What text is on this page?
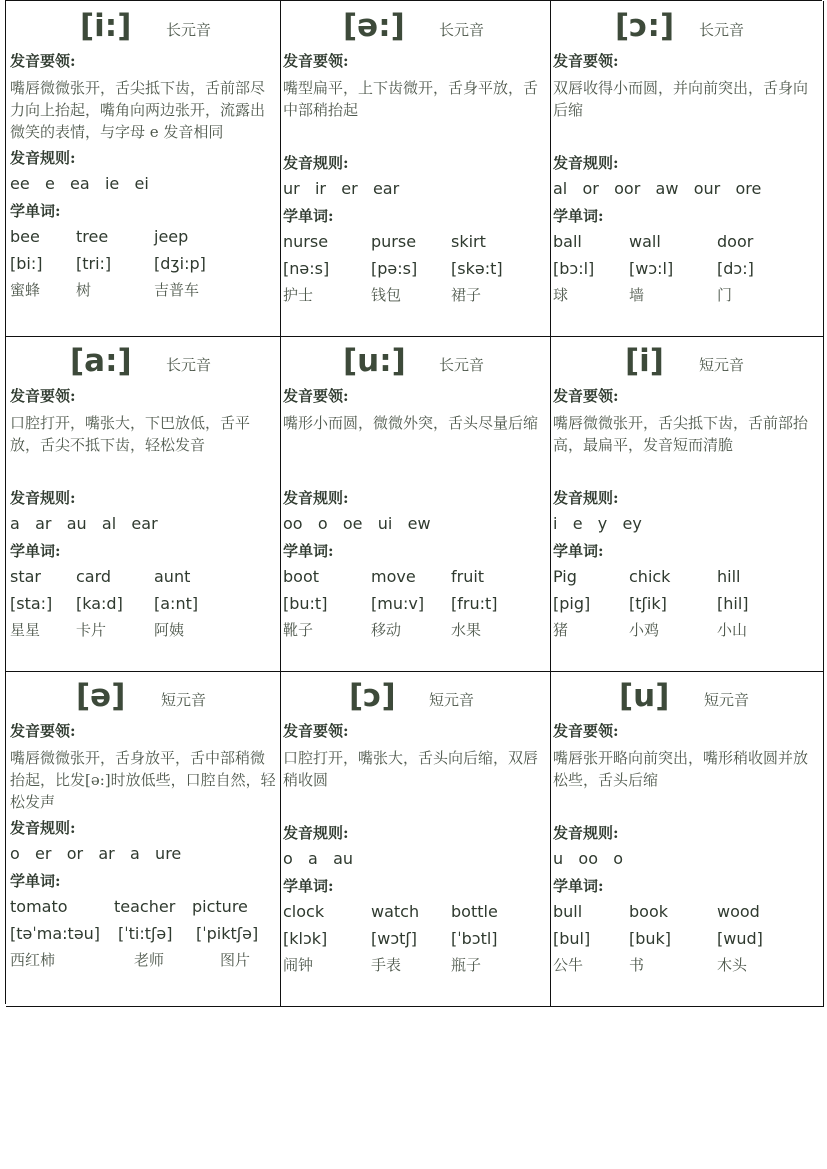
[i:] 长元音
发音要领:
嘴唇微微张开，舌尖抵下齿，舌前部尽力向上抬起，嘴角向两边张开，流露出微笑的表情，与字母 e 发音相同
发音规则:
ee   e   ea   ie   ei
学单词:
bee tree	jeep
[bi:] [tri:]	[dʒi:p]
蜜蜂 树	吉普车
[ə:] 长元音
发音要领:
嘴型扁平，上下齿微开，舌身平放，舌中部稍抬起
发音规则:
ur   ir   er   ear
学单词:
nurse	purse skirt
[nə:s]	[pə:s] [skə:t]
护士	钱包	裙子
[ɔ:] 长元音
发音要领:
双唇收得小而圆，并向前突出，舌身向后缩
发音规则:
al   or   oor   aw   our   ore
学单词:
ball	wall	door
[bɔ:l] [wɔ:l]	[dɔ:]
球	墙	门
[a:] 长元音
发音要领:
口腔打开，嘴张大，下巴放低，舌平放，舌尖不抵下齿，轻松发音
发音规则:
a   ar   au   al   ear
学单词:
star card	aunt
[sta:] [ka:d] [a:nt]
星星 卡片	阿姨
[u:] 长元音
发音要领:
嘴形小而圆，微微外突，舌头尽量后缩
发音规则:
oo   o   oe   ui   ew
学单词:
boot	move fruit
[bu:t]	[mu:v] [fru:t]
靴子	移动	水果
[i] 短元音
发音要领:
嘴唇微微张开，舌尖抵下齿，舌前部抬高，最扁平，发音短而清脆
发音规则:
i   e   y   ey
学单词:
Pig	chick	hill
[pig] [tʃik]	[hil]
猪	小鸡	小山
[ə] 短元音
发音要领:
嘴唇微微张开，舌身放平，舌中部稍微抬起，比发[ə:]时放低些，口腔自然，轻松发声
发音规则:
o   er   or   ar   a   ure
学单词:
tomato	teacher picture
[təˈma:təu] [ˈti:tʃə] [ˈpiktʃə]
西红柿	老师	图片
[ɔ] 短元音
发音要领:
口腔打开，嘴张大，舌头向后缩，双唇稍收圆
发音规则:
o   a   au
学单词:
clock	watch bottle
[klɔk]	[wɔtʃ] [ˈbɔtl]
闹钟	手表	瓶子
[u] 短元音
发音要领:
嘴唇张开略向前突出，嘴形稍收圆并放松些，舌头后缩
发音规则:
u   oo   o
学单词:
bull	book	wood
[bul] [buk]	[wud]
公牛	书	木头
